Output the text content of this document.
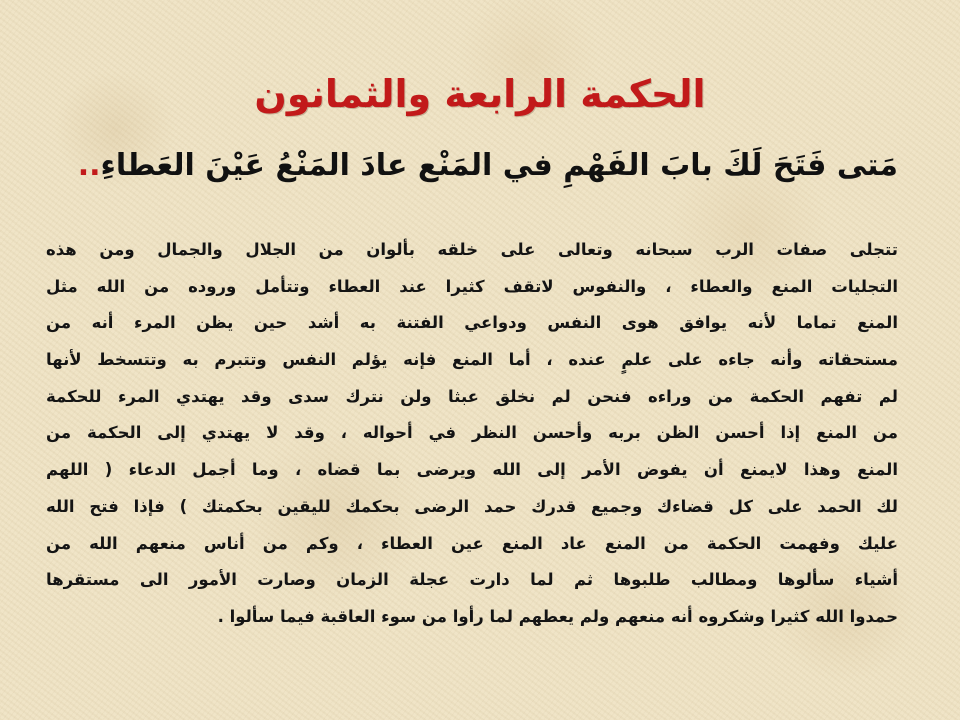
الحكمة الرابعة والثمانون
مَتى فَتَحَ لَكَ بابَ الفَهْمِ في المَنْع عادَ المَنْعُ عَيْنَ العَطاءِ..
تتجلى صفات الرب سبحانه وتعالى على خلقه بألوان من الجلال والجمال ومن هذه
التجليات المنع والعطاء ، والنفوس لاتقف كثيرا عند العطاء وتتأمل وروده من الله مثل
المنع تماما لأنه يوافق هوى النفس ودواعي الفتنة به أشد حين يظن المرء أنه من
مستحقاته وأنه جاءه على علمٍ عنده ، أما المنع فإنه يؤلم النفس وتتبرم به وتتسخط لأنها
لم تفهم الحكمة من وراءه فنحن لم نخلق عبثا ولن نترك سدى وقد يهتدي المرء للحكمة
من المنع إذا أحسن الظن بربه وأحسن النظر في أحواله ، وقد لا يهتدي إلى الحكمة من
المنع وهذا لايمنع أن يفوض الأمر إلى الله ويرضى بما قضاه ، وما أجمل الدعاء ( اللهم
لك الحمد على كل قضاءك وجميع قدرك حمد الرضى بحكمك لليقين بحكمتك ) فإذا فتح الله
عليك وفهمت الحكمة من المنع عاد المنع عين العطاء ، وكم من أناس منعهم الله من
أشياء سألوها ومطالب طلبوها ثم لما دارت عجلة الزمان وصارت الأمور الى مستقرها
حمدوا الله كثيرا وشكروه أنه منعهم ولم يعطهم لما رأوا من سوء العاقبة فيما سألوا .
